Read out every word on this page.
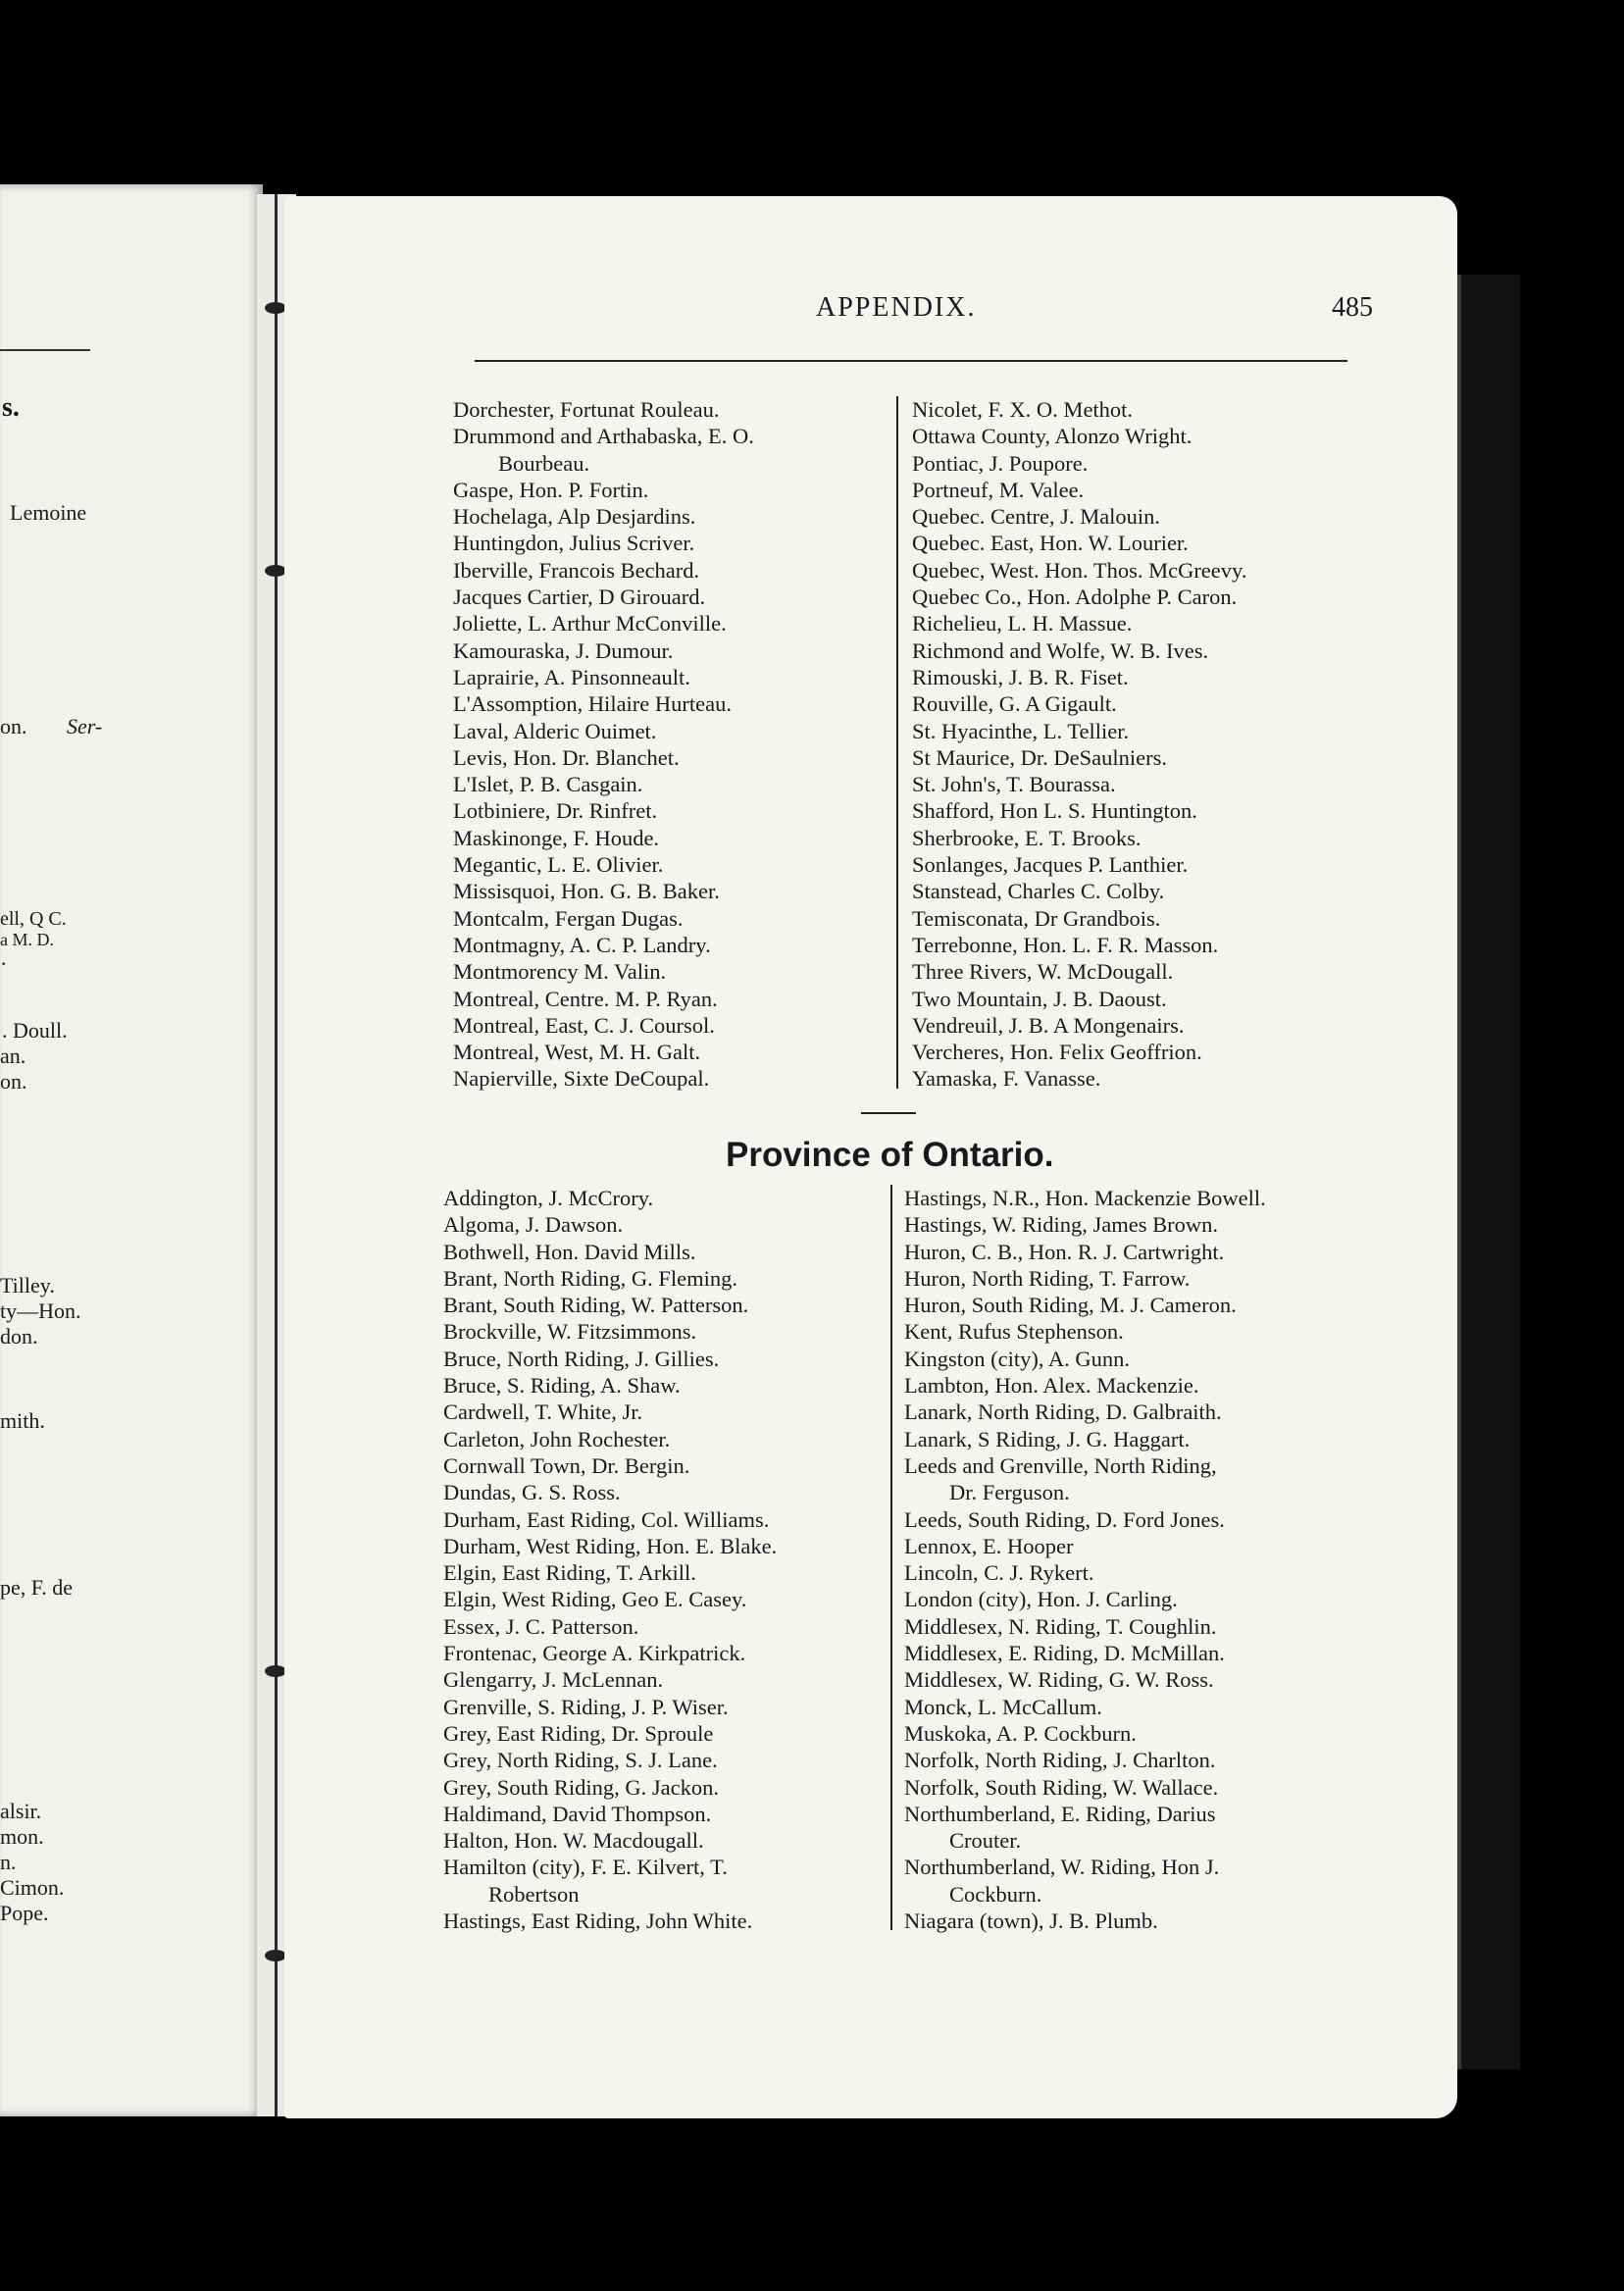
s.
Lemoine
on. Ser-
ell, Q C.
a M. D.
·
. Doull.
an.
on.
Tilley.
ty—Hon.
don.
mith.
pe, F. de
alsir.
mon.
n.
Cimon.
Pope.
APPENDIX.	485
Dorchester, Fortunat Rouleau.
Drummond and Arthabaska, E. O.
Bourbeau.
Gaspe, Hon. P. Fortin.
Hochelaga, Alp Desjardins.
Huntingdon, Julius Scriver.
Iberville, Francois Bechard.
Jacques Cartier, D Girouard.
Joliette, L. Arthur McConville.
Kamouraska, J. Dumour.
Laprairie, A. Pinsonneault.
L'Assomption, Hilaire Hurteau.
Laval, Alderic Ouimet.
Levis, Hon. Dr. Blanchet.
L'Islet, P. B. Casgain.
Lotbiniere, Dr. Rinfret.
Maskinonge, F. Houde.
Megantic, L. E. Olivier.
Missisquoi, Hon. G. B. Baker.
Montcalm, Fergan Dugas.
Montmagny, A. C. P. Landry.
Montmorency M. Valin.
Montreal, Centre. M. P. Ryan.
Montreal, East, C. J. Coursol.
Montreal, West, M. H. Galt.
Napierville, Sixte DeCoupal.
Nicolet, F. X. O. Methot.
Ottawa County, Alonzo Wright.
Pontiac, J. Poupore.
Portneuf, M. Valee.
Quebec. Centre, J. Malouin.
Quebec. East, Hon. W. Lourier.
Quebec, West. Hon. Thos. McGreevy.
Quebec Co., Hon. Adolphe P. Caron.
Richelieu, L. H. Massue.
Richmond and Wolfe, W. B. Ives.
Rimouski, J. B. R. Fiset.
Rouville, G. A Gigault.
St. Hyacinthe, L. Tellier.
St Maurice, Dr. DeSaulniers.
St. John's, T. Bourassa.
Shafford, Hon L. S. Huntington.
Sherbrooke, E. T. Brooks.
Sonlanges, Jacques P. Lanthier.
Stanstead, Charles C. Colby.
Temisconata, Dr Grandbois.
Terrebonne, Hon. L. F. R. Masson.
Three Rivers, W. McDougall.
Two Mountain, J. B. Daoust.
Vendreuil, J. B. A Mongenairs.
Vercheres, Hon. Felix Geoffrion.
Yamaska, F. Vanasse.
Province of Ontario.
Addington, J. McCrory.
Algoma, J. Dawson.
Bothwell, Hon. David Mills.
Brant, North Riding, G. Fleming.
Brant, South Riding, W. Patterson.
Brockville, W. Fitzsimmons.
Bruce, North Riding, J. Gillies.
Bruce, S. Riding, A. Shaw.
Cardwell, T. White, Jr.
Carleton, John Rochester.
Cornwall Town, Dr. Bergin.
Dundas, G. S. Ross.
Durham, East Riding, Col. Williams.
Durham, West Riding, Hon. E. Blake.
Elgin, East Riding, T. Arkill.
Elgin, West Riding, Geo E. Casey.
Essex, J. C. Patterson.
Frontenac, George A. Kirkpatrick.
Glengarry, J. McLennan.
Grenville, S. Riding, J. P. Wiser.
Grey, East Riding, Dr. Sproule
Grey, North Riding, S. J. Lane.
Grey, South Riding, G. Jackon.
Haldimand, David Thompson.
Halton, Hon. W. Macdougall.
Hamilton (city), F. E. Kilvert, T.
Robertson
Hastings, East Riding, John White.
Hastings, N.R., Hon. Mackenzie Bowell.
Hastings, W. Riding, James Brown.
Huron, C. B., Hon. R. J. Cartwright.
Huron, North Riding, T. Farrow.
Huron, South Riding, M. J. Cameron.
Kent, Rufus Stephenson.
Kingston (city), A. Gunn.
Lambton, Hon. Alex. Mackenzie.
Lanark, North Riding, D. Galbraith.
Lanark, S Riding, J. G. Haggart.
Leeds and Grenville, North Riding,
Dr. Ferguson.
Leeds, South Riding, D. Ford Jones.
Lennox, E. Hooper
Lincoln, C. J. Rykert.
London (city), Hon. J. Carling.
Middlesex, N. Riding, T. Coughlin.
Middlesex, E. Riding, D. McMillan.
Middlesex, W. Riding, G. W. Ross.
Monck, L. McCallum.
Muskoka, A. P. Cockburn.
Norfolk, North Riding, J. Charlton.
Norfolk, South Riding, W. Wallace.
Northumberland, E. Riding, Darius
Crouter.
Northumberland, W. Riding, Hon J.
Cockburn.
Niagara (town), J. B. Plumb.
